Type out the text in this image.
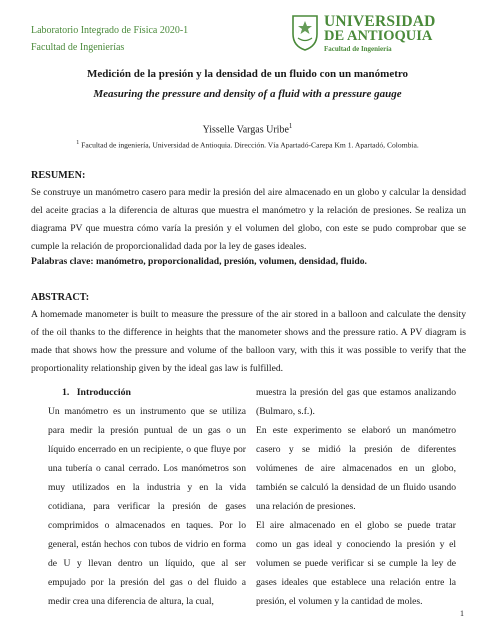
Laboratorio Integrado de Física 2020-1
Facultad de Ingenierías
UNIVERSIDAD
DE ANTIOQUIA
Facultad de Ingeniería
Medición de la presión y la densidad de un fluido con un manómetro
Measuring the pressure and density of a fluid with a pressure gauge
Yisselle Vargas Uribe$^1$
$^1$ Facultad de ingeniería, Universidad de Antioquia. Dirección. Vía Apartadó-Carepa Km 1. Apartadó, Colombia.
RESUMEN:
Se construye un manómetro casero para medir la presión del aire almacenado en un globo y calcular la densidad del aceite gracias a la diferencia de alturas que muestra el manómetro y la relación de presiones. Se realiza un diagrama PV que muestra cómo varía la presión y el volumen del globo, con este se pudo comprobar que se cumple la relación de proporcionalidad dada por la ley de gases ideales.
Palabras clave: manómetro, proporcionalidad, presión, volumen, densidad, fluido.
ABSTRACT:
A homemade manometer is built to measure the pressure of the air stored in a balloon and calculate the density of the oil thanks to the difference in heights that the manometer shows and the pressure ratio. A PV diagram is made that shows how the pressure and volume of the balloon vary, with this it was possible to verify that the proportionality relationship given by the ideal gas law is fulfilled.
1.   Introducción
Un manómetro es un instrumento que se utiliza para medir la presión puntual de un gas o un líquido encerrado en un recipiente, o que fluye por una tubería o canal cerrado. Los manómetros son muy utilizados en la industria y en la vida cotidiana, para verificar la presión de gases comprimidos o almacenados en taques. Por lo general, están hechos con tubos de vidrio en forma de U y llevan dentro un líquido, que al ser empujado por la presión del gas o del fluido a medir crea una diferencia de altura, la cual,
muestra la presión del gas que estamos analizando (Bulmaro, s.f.).
En este experimento se elaboró un manómetro casero y se midió la presión de diferentes volúmenes de aire almacenados en un globo, también se calculó la densidad de un fluido usando una relación de presiones.
El aire almacenado en el globo se puede tratar como un gas ideal y conociendo la presión y el volumen se puede verificar si se cumple la ley de gases ideales que establece una relación entre la presión, el volumen y la cantidad de moles.
1
